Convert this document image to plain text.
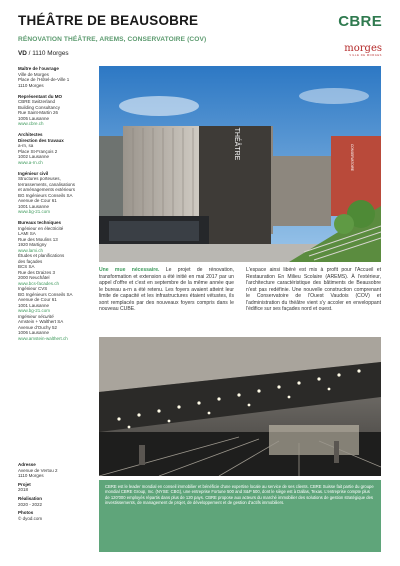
THÉÂTRE DE BEAUSOBRE
RÉNOVATION THÉÂTRE, AREMS, CONSERVATOIRE (COV)
VD / 1110 Morges
CBRE
morges
VILLE DE MORGES
Maître de l'ouvrage
Ville de Morges
Place de l'Hôtel-de-Ville 1
1110 Morges
Représentant du MO
CBRE Switzerland
Building Consultancy
Rue Saint-Martin 26
1005 Lausanne
www.cbre.ch
Architectes
Direction des travaux
a-rn, sa
Place St-François 2
1002 Lausanne
www.a-rn.ch
Ingénieur civil
Structures porteuses,
terrassements, canalisations
et aménagements extérieurs
BG Ingénieurs Conseils SA
Avenue de Cour 61
1001 Lausanne
www.bg-21.com
Bureaux techniques
Ingénieur en électricité
LAMI SA
Rue des Moulins 13
1920 Martigny
www.lami.ch
Études et planifications
des façades
BCS SA
Rue des Draizes 3
2000 Neuchâtel
www.bcs-facades.ch
Ingénieur CVS
BG Ingénieurs Conseils SA
Avenue de Cour 61
1001 Lausanne
www.bg-21.com
Ingénieur sécurité
Amstein + Walthert SA
Avenue d'Ouchy 52
1006 Lausanne
www.amstein-walthert.ch
Adresse
Avenue de Vertou 2
1110 Morges
Projet
2018
Réalisation
2020 - 2022
Photos
© dyod.com
THÉÂTRE	CONSERVATOIRE
Une mue nécessaire. Le projet de rénovation, transformation et extension a été initié en mai 2017 par un appel d'offre et c'est en septembre de la même année que le bureau a-rn a été retenu. Les foyers avaient atteint leur limite de capacité et les infrastructures étaient vétustes, ils sont remplacés par des nouveaux foyers compris dans le nouveau CUBE.
L'espace ainsi libéré est mis à profit pour l'Accueil et Restauration En Milieu Scolaire (AREMS). À l'extérieur, l'architecture caractéristique des bâtiments de Beausobre n'est pas redéfinie. Une nouvelle construction comprenant le Conservatoire de l'Ouest Vaudois (COV) et l'administration du théâtre vient s'y accoler en enveloppant l'édifice sur ses façades nord et ouest.
CBRE est le leader mondial en conseil immobilier et bénéficie d'une expertise locale au service de ses clients. CBRE Suisse fait partie du groupe mondial CBRE Group, Inc. (NYSE: CBG), une entreprise Fortune 500 and S&P 500, dont le siège est à Dallas, Texas. L'entreprise compte plus de 120'000 employés répartis dans plus de 120 pays. CBRE propose aux acteurs du marché immobilier des solutions de gestion stratégique des investissements, de management de projet, de développement et de gestion d'actifs immobiliers.
